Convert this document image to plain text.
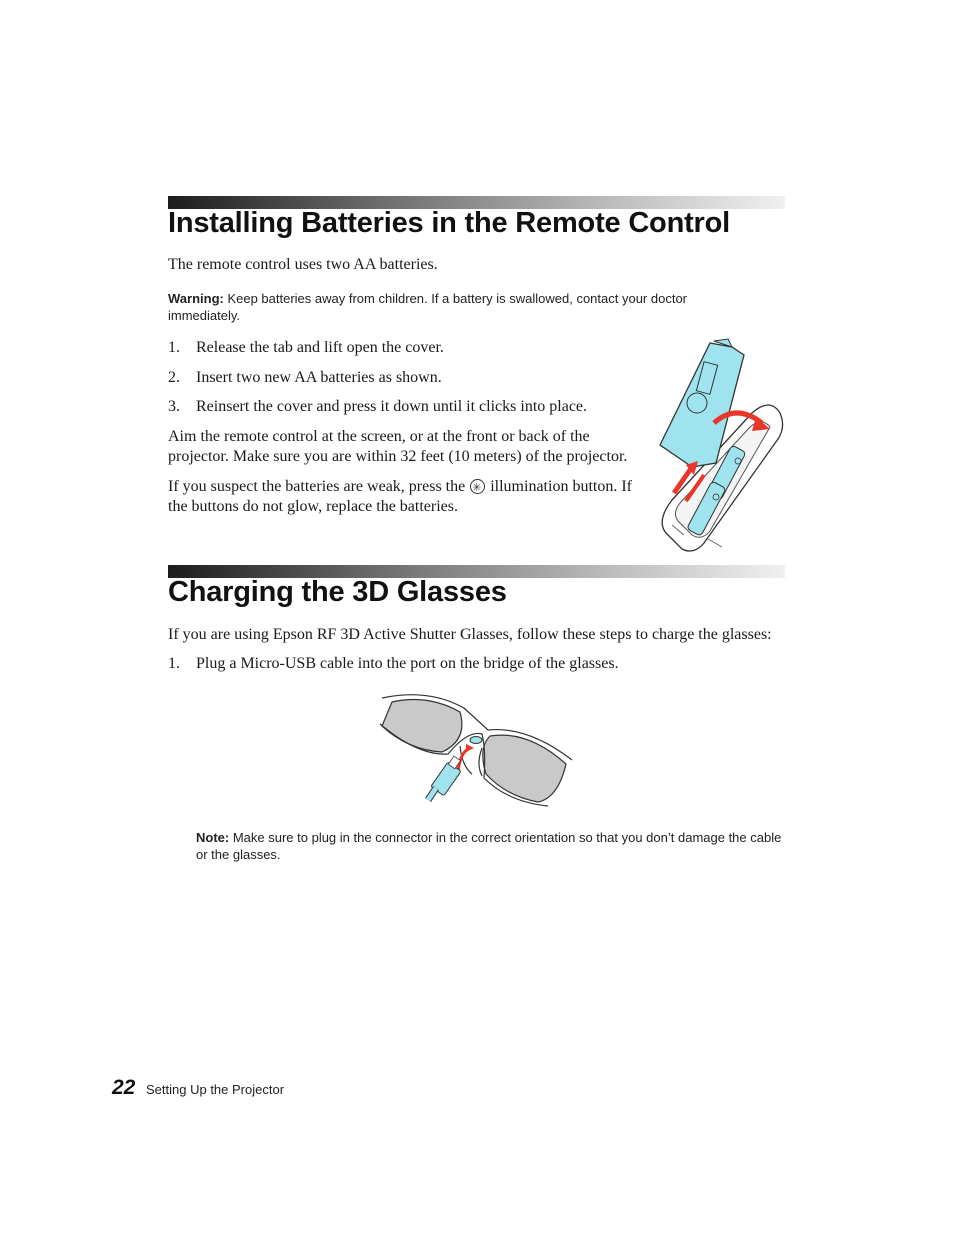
Installing Batteries in the Remote Control

The remote control uses two AA batteries.

Warning: Keep batteries away from children. If a battery is swallowed, contact your doctor immediately.

1.	Release the tab and lift open the cover.
2.	Insert two new AA batteries as shown.
3.	Reinsert the cover and press it down until it clicks into place.

Aim the remote control at the screen, or at the front or back of the

projector. Make sure you are within 32 feet (10 meters) of the projector.

If you suspect the batteries are weak, press the ✳ illumination button. If

the buttons do not glow, replace the batteries.

Charging the 3D Glasses

If you are using Epson RF 3D Active Shutter Glasses, follow these steps to charge the glasses:

1.	Plug a Micro-USB cable into the port on the bridge of the glasses.

Note: Make sure to plug in the connector in the correct orientation so that you don’t damage the cable or the glasses.

22 Setting Up the Projector
